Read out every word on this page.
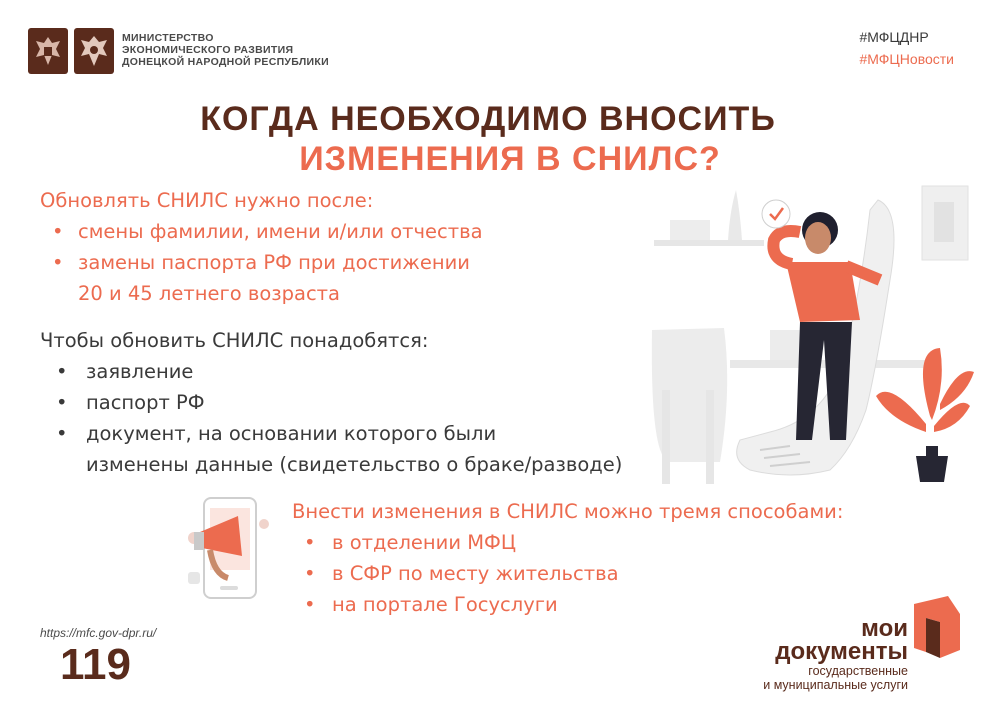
МИНИСТЕРСТВО
ЭКОНОМИЧЕСКОГО РАЗВИТИЯ
ДОНЕЦКОЙ НАРОДНОЙ РЕСПУБЛИКИ
#МФЦДНР
#МФЦНовости
КОГДА НЕОБХОДИМО ВНОСИТЬ
ИЗМЕНЕНИЯ В СНИЛС?
Обновлять СНИЛС нужно после:
• смены фамилии, имени и/или отчества
• замены паспорта РФ при достижении
20 и 45 летнего возраста
Чтобы обновить СНИЛС понадобятся:
• заявление
• паспорт РФ
• документ, на основании которого были
изменены данные (свидетельство о браке/разводе)
Внести изменения в СНИЛС можно тремя способами:
• в отделении МФЦ
• в СФР по месту жительства
• на портале Госуслуги
https://mfc.gov-dpr.ru/
119
мои
документы
государственные
и муниципальные услуги
